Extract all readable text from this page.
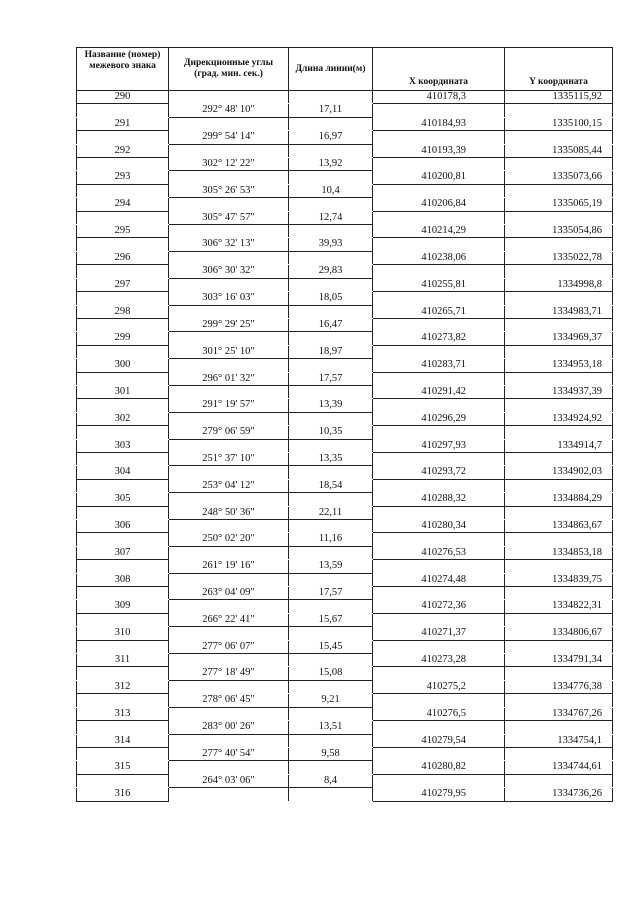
Название (номер) межевого знака	Дирекционные углы (град. мин. сек.)	Длина линии(м)	X координата	Y координата
290			410178,3	1335115,92
	292° 48' 10"	17,11		
291			410184,93	1335100,15
	299° 54' 14"	16,97		
292			410193,39	1335085,44
	302° 12' 22"	13,92		
293			410200,81	1335073,66
	305° 26' 53"	10,4		
294			410206,84	1335065,19
	305° 47' 57"	12,74		
295			410214,29	1335054,86
	306° 32' 13"	39,93		
296			410238,06	1335022,78
	306° 30' 32"	29,83		
297			410255,81	1334998,8
	303° 16' 03"	18,05		
298			410265,71	1334983,71
	299° 29' 25"	16,47		
299			410273,82	1334969,37
	301° 25' 10"	18,97		
300			410283,71	1334953,18
	296° 01' 32"	17,57		
301			410291,42	1334937,39
	291° 19' 57"	13,39		
302			410296,29	1334924,92
	279° 06' 59"	10,35		
303			410297,93	1334914,7
	251° 37' 10"	13,35		
304			410293,72	1334902,03
	253° 04' 12"	18,54		
305			410288,32	1334884,29
	248° 50' 36"	22,11		
306			410280,34	1334863,67
	250° 02' 20"	11,16		
307			410276,53	1334853,18
	261° 19' 16"	13,59		
308			410274,48	1334839,75
	263° 04' 09"	17,57		
309			410272,36	1334822,31
	266° 22' 41"	15,67		
310			410271,37	1334806,67
	277° 06' 07"	15,45		
311			410273,28	1334791,34
	277° 18' 49"	15,08		
312			410275,2	1334776,38
	278° 06' 45"	9,21		
313			410276,5	1334767,26
	283° 00' 26"	13,51		
314			410279,54	1334754,1
	277° 40' 54"	9,58		
315			410280,82	1334744,61
	264° 03' 06"	8,4		
316			410279,95	1334736,26
